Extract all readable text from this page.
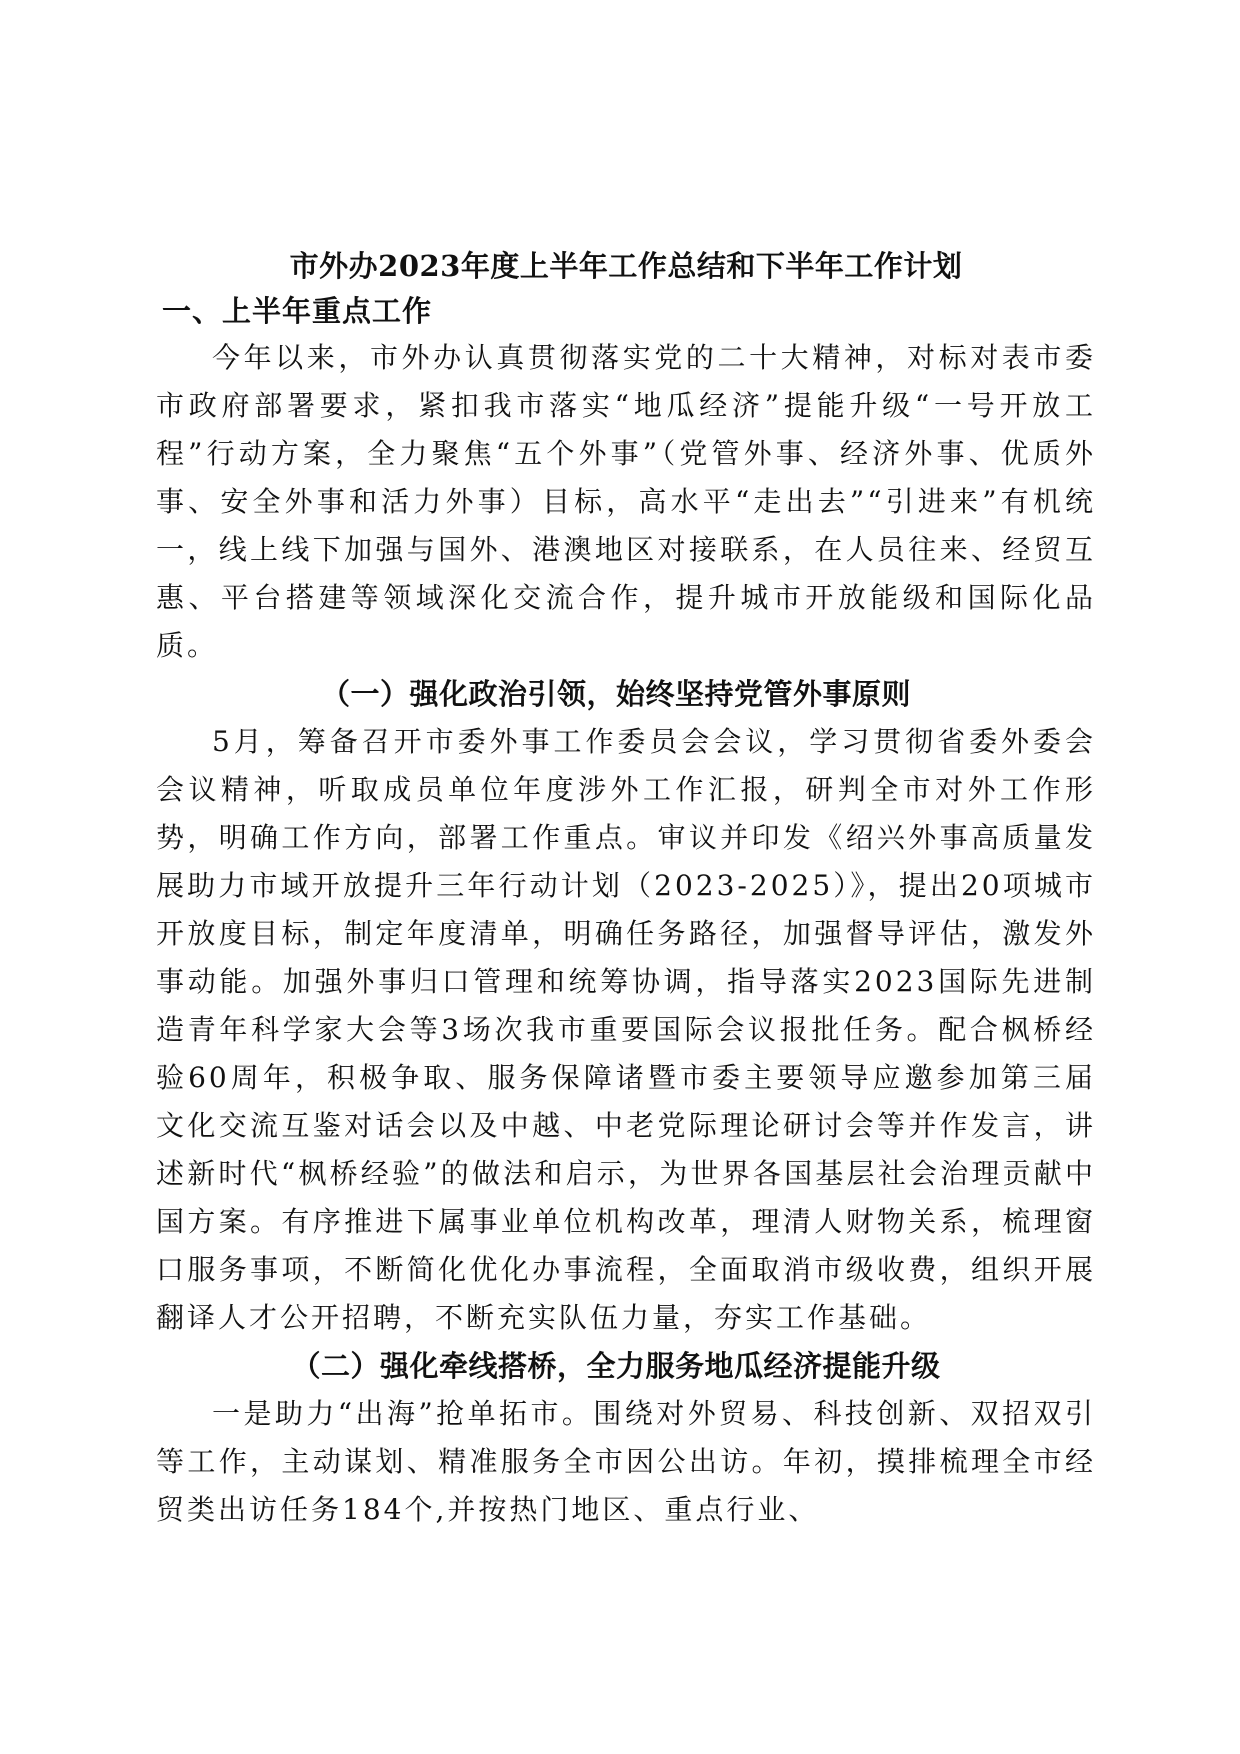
市外办2023年度上半年工作总结和下半年工作计划
一、上半年重点工作

今年以来，市外办认真贯彻落实党的二十大精神，对标对表市委市政府部署要求，紧扣我市落实“地瓜经济”提能升级“一号开放工程”行动方案，全力聚焦“五个外事”（党管外事、经济外事、优质外事、安全外事和活力外事）目标，高水平“走出去”“引进来”有机统一，线上线下加强与国外、港澳地区对接联系，在人员往来、经贸互惠、平台搭建等领域深化交流合作，提升城市开放能级和国际化品质。

（一）强化政治引领，始终坚持党管外事原则

5月，筹备召开市委外事工作委员会会议，学习贯彻省委外委会会议精神，听取成员单位年度涉外工作汇报，研判全市对外工作形势，明确工作方向，部署工作重点。审议并印发《绍兴外事高质量发展助力市域开放提升三年行动计划（2023-2025）》，提出20项城市开放度目标，制定年度清单，明确任务路径，加强督导评估，激发外事动能。加强外事归口管理和统筹协调，指导落实2023国际先进制造青年科学家大会等3场次我市重要国际会议报批任务。配合枫桥经验60周年，积极争取、服务保障诸暨市委主要领导应邀参加第三届文化交流互鉴对话会以及中越、中老党际理论研讨会等并作发言，讲述新时代“枫桥经验”的做法和启示，为世界各国基层社会治理贡献中国方案。有序推进下属事业单位机构改革，理清人财物关系，梳理窗口服务事项，不断简化优化办事流程，全面取消市级收费，组织开展翻译人才公开招聘，不断充实队伍力量，夯实工作基础。

（二）强化牵线搭桥，全力服务地瓜经济提能升级

一是助力“出海”抢单拓市。围绕对外贸易、科技创新、双招双引等工作，主动谋划、精准服务全市因公出访。年初，摸排梳理全市经贸类出访任务184个,并按热门地区、重点行业、
